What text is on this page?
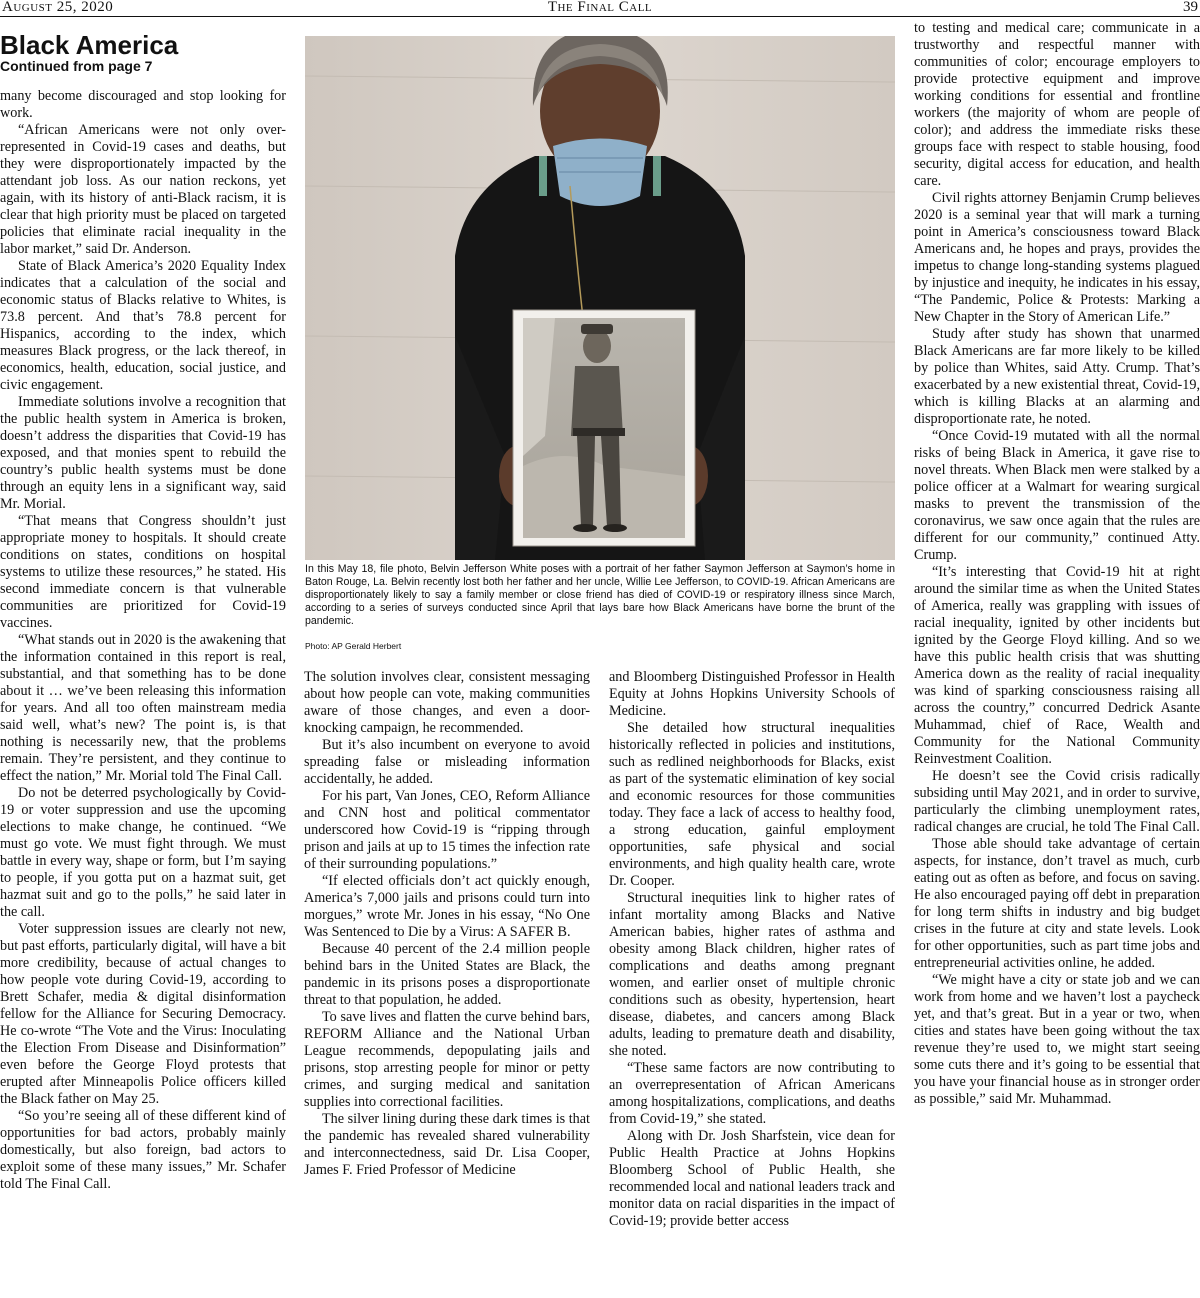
August 25, 2020	The Final Call	39
Black America
Continued from page 7

many become discouraged and stop looking for work.

“African Americans were not only over-represented in Covid-19 cases and deaths, but they were disproportionately impacted by the attendant job loss. As our nation reckons, yet again, with its history of anti-Black racism, it is clear that high priority must be placed on targeted policies that eliminate racial inequality in the labor market,” said Dr. Anderson.

State of Black America’s 2020 Equality Index indicates that a calculation of the social and economic status of Blacks relative to Whites, is 73.8 percent. And that’s 78.8 percent for Hispanics, according to the index, which measures Black progress, or the lack thereof, in economics, health, education, social justice, and civic engagement.

Immediate solutions involve a recognition that the public health system in America is broken, doesn’t address the disparities that Covid-19 has exposed, and that monies spent to rebuild the country’s public health systems must be done through an equity lens in a significant way, said Mr. Morial.

“That means that Congress shouldn’t just appropriate money to hospitals. It should create conditions on states, conditions on hospital systems to utilize these resources,” he stated. His second immediate concern is that vulnerable communities are prioritized for Covid-19 vaccines.

“What stands out in 2020 is the awakening that the information contained in this report is real, substantial, and that something has to be done about it … we’ve been releasing this information for years. And all too often mainstream media said well, what’s new? The point is, is that nothing is necessarily new, that the problems remain. They’re persistent, and they continue to effect the nation,” Mr. Morial told The Final Call.

Do not be deterred psychologically by Covid-19 or voter suppression and use the upcoming elections to make change, he continued. “We must go vote. We must fight through. We must battle in every way, shape or form, but I’m saying to people, if you gotta put on a hazmat suit, get hazmat suit and go to the polls,” he said later in the call.

Voter suppression issues are clearly not new, but past efforts, particularly digital, will have a bit more credibility, because of actual changes to how people vote during Covid-19, according to Brett Schafer, media & digital disinformation fellow for the Alliance for Securing Democracy. He co-wrote “The Vote and the Virus: Inoculating the Election From Disease and Disinformation” even before the George Floyd protests that erupted after Minneapolis Police officers killed the Black father on May 25.

“So you’re seeing all of these different kind of opportunities for bad actors, probably mainly domestically, but also foreign, bad actors to exploit some of these many issues,” Mr. Schafer told The Final Call.

The solution involves clear, consistent messaging about how people can vote, making communities aware of those changes, and even a door-knocking campaign, he recommended.

But it’s also incumbent on everyone to avoid spreading false or misleading information accidentally, he added.

For his part, Van Jones, CEO, Reform Alliance and CNN host and political commentator underscored how Covid-19 is “ripping through prison and jails at up to 15 times the infection rate of their surrounding populations.”

“If elected officials don’t act quickly enough, America’s 7,000 jails and prisons could turn into morgues,” wrote Mr. Jones in his essay, “No One Was Sentenced to Die by a Virus: A SAFER B.

Because 40 percent of the 2.4 million people behind bars in the United States are Black, the pandemic in its prisons poses a disproportionate threat to that population, he added.

To save lives and flatten the curve behind bars, REFORM Alliance and the National Urban League recommends, depopulating jails and prisons, stop arresting people for minor or petty crimes, and surging medical and sanitation supplies into correctional facilities.

The silver lining during these dark times is that the pandemic has revealed shared vulnerability and interconnectedness, said Dr. Lisa Cooper, James F. Fried Professor of Medicine

and Bloomberg Distinguished Professor in Health Equity at Johns Hopkins University Schools of Medicine.

She detailed how structural inequalities historically reflected in policies and institutions, such as redlined neighborhoods for Blacks, exist as part of the systematic elimination of key social and economic resources for those communities today. They face a lack of access to healthy food, a strong education, gainful employment opportunities, safe physical and social environments, and high quality health care, wrote Dr. Cooper.

Structural inequities link to higher rates of infant mortality among Blacks and Native American babies, higher rates of asthma and obesity among Black children, higher rates of complications and deaths among pregnant women, and earlier onset of multiple chronic conditions such as obesity, hypertension, heart disease, diabetes, and cancers among Black adults, leading to premature death and disability, she noted.

“These same factors are now contributing to an overrepresentation of African Americans among hospitalizations, complications, and deaths from Covid-19,” she stated.

Along with Dr. Josh Sharfstein, vice dean for Public Health Practice at Johns Hopkins Bloomberg School of Public Health, she recommended local and national leaders track and monitor data on racial disparities in the impact of Covid-19; provide better access

to testing and medical care; communicate in a trustworthy and respectful manner with communities of color; encourage employers to provide protective equipment and improve working conditions for essential and frontline workers (the majority of whom are people of color); and address the immediate risks these groups face with respect to stable housing, food security, digital access for education, and health care.

Civil rights attorney Benjamin Crump believes 2020 is a seminal year that will mark a turning point in America’s consciousness toward Black Americans and, he hopes and prays, provides the impetus to change long-standing systems plagued by injustice and inequity, he indicates in his essay, “The Pandemic, Police & Protests: Marking a New Chapter in the Story of American Life.”

Study after study has shown that unarmed Black Americans are far more likely to be killed by police than Whites, said Atty. Crump. That’s exacerbated by a new existential threat, Covid-19, which is killing Blacks at an alarming and disproportionate rate, he noted.

“Once Covid-19 mutated with all the normal risks of being Black in America, it gave rise to novel threats. When Black men were stalked by a police officer at a Walmart for wearing surgical masks to prevent the transmission of the coronavirus, we saw once again that the rules are different for our community,” continued Atty. Crump.

“It’s interesting that Covid-19 hit at right around the similar time as when the United States of America, really was grappling with issues of racial inequality, ignited by other incidents but ignited by the George Floyd killing. And so we have this public health crisis that was shutting America down as the reality of racial inequality was kind of sparking consciousness raising all across the country,” concurred Dedrick Asante Muhammad, chief of Race, Wealth and Community for the National Community Reinvestment Coalition.

He doesn’t see the Covid crisis radically subsiding until May 2021, and in order to survive, particularly the climbing unemployment rates, radical changes are crucial, he told The Final Call.

Those able should take advantage of certain aspects, for instance, don’t travel as much, curb eating out as often as before, and focus on saving. He also encouraged paying off debt in preparation for long term shifts in industry and big budget crises in the future at city and state levels. Look for other opportunities, such as part time jobs and entrepreneurial activities online, he added.

“We might have a city or state job and we can work from home and we haven’t lost a paycheck yet, and that’s great. But in a year or two, when cities and states have been going without the tax revenue they’re used to, we might start seeing some cuts there and it’s going to be essential that you have your financial house as in stronger order as possible,” said Mr. Muhammad.

In this May 18, file photo, Belvin Jefferson White poses with a portrait of her father Saymon Jefferson at Saymon’s home in Baton Rouge, La. Belvin recently lost both her father and her uncle, Willie Lee Jefferson, to COVID-19. African Americans are disproportionately likely to say a family member or close friend has died of COVID-19 or respiratory illness since March, according to a series of surveys conducted since April that lays bare how Black Americans have borne the brunt of the pandemic.
Photo: AP Gerald Herbert
